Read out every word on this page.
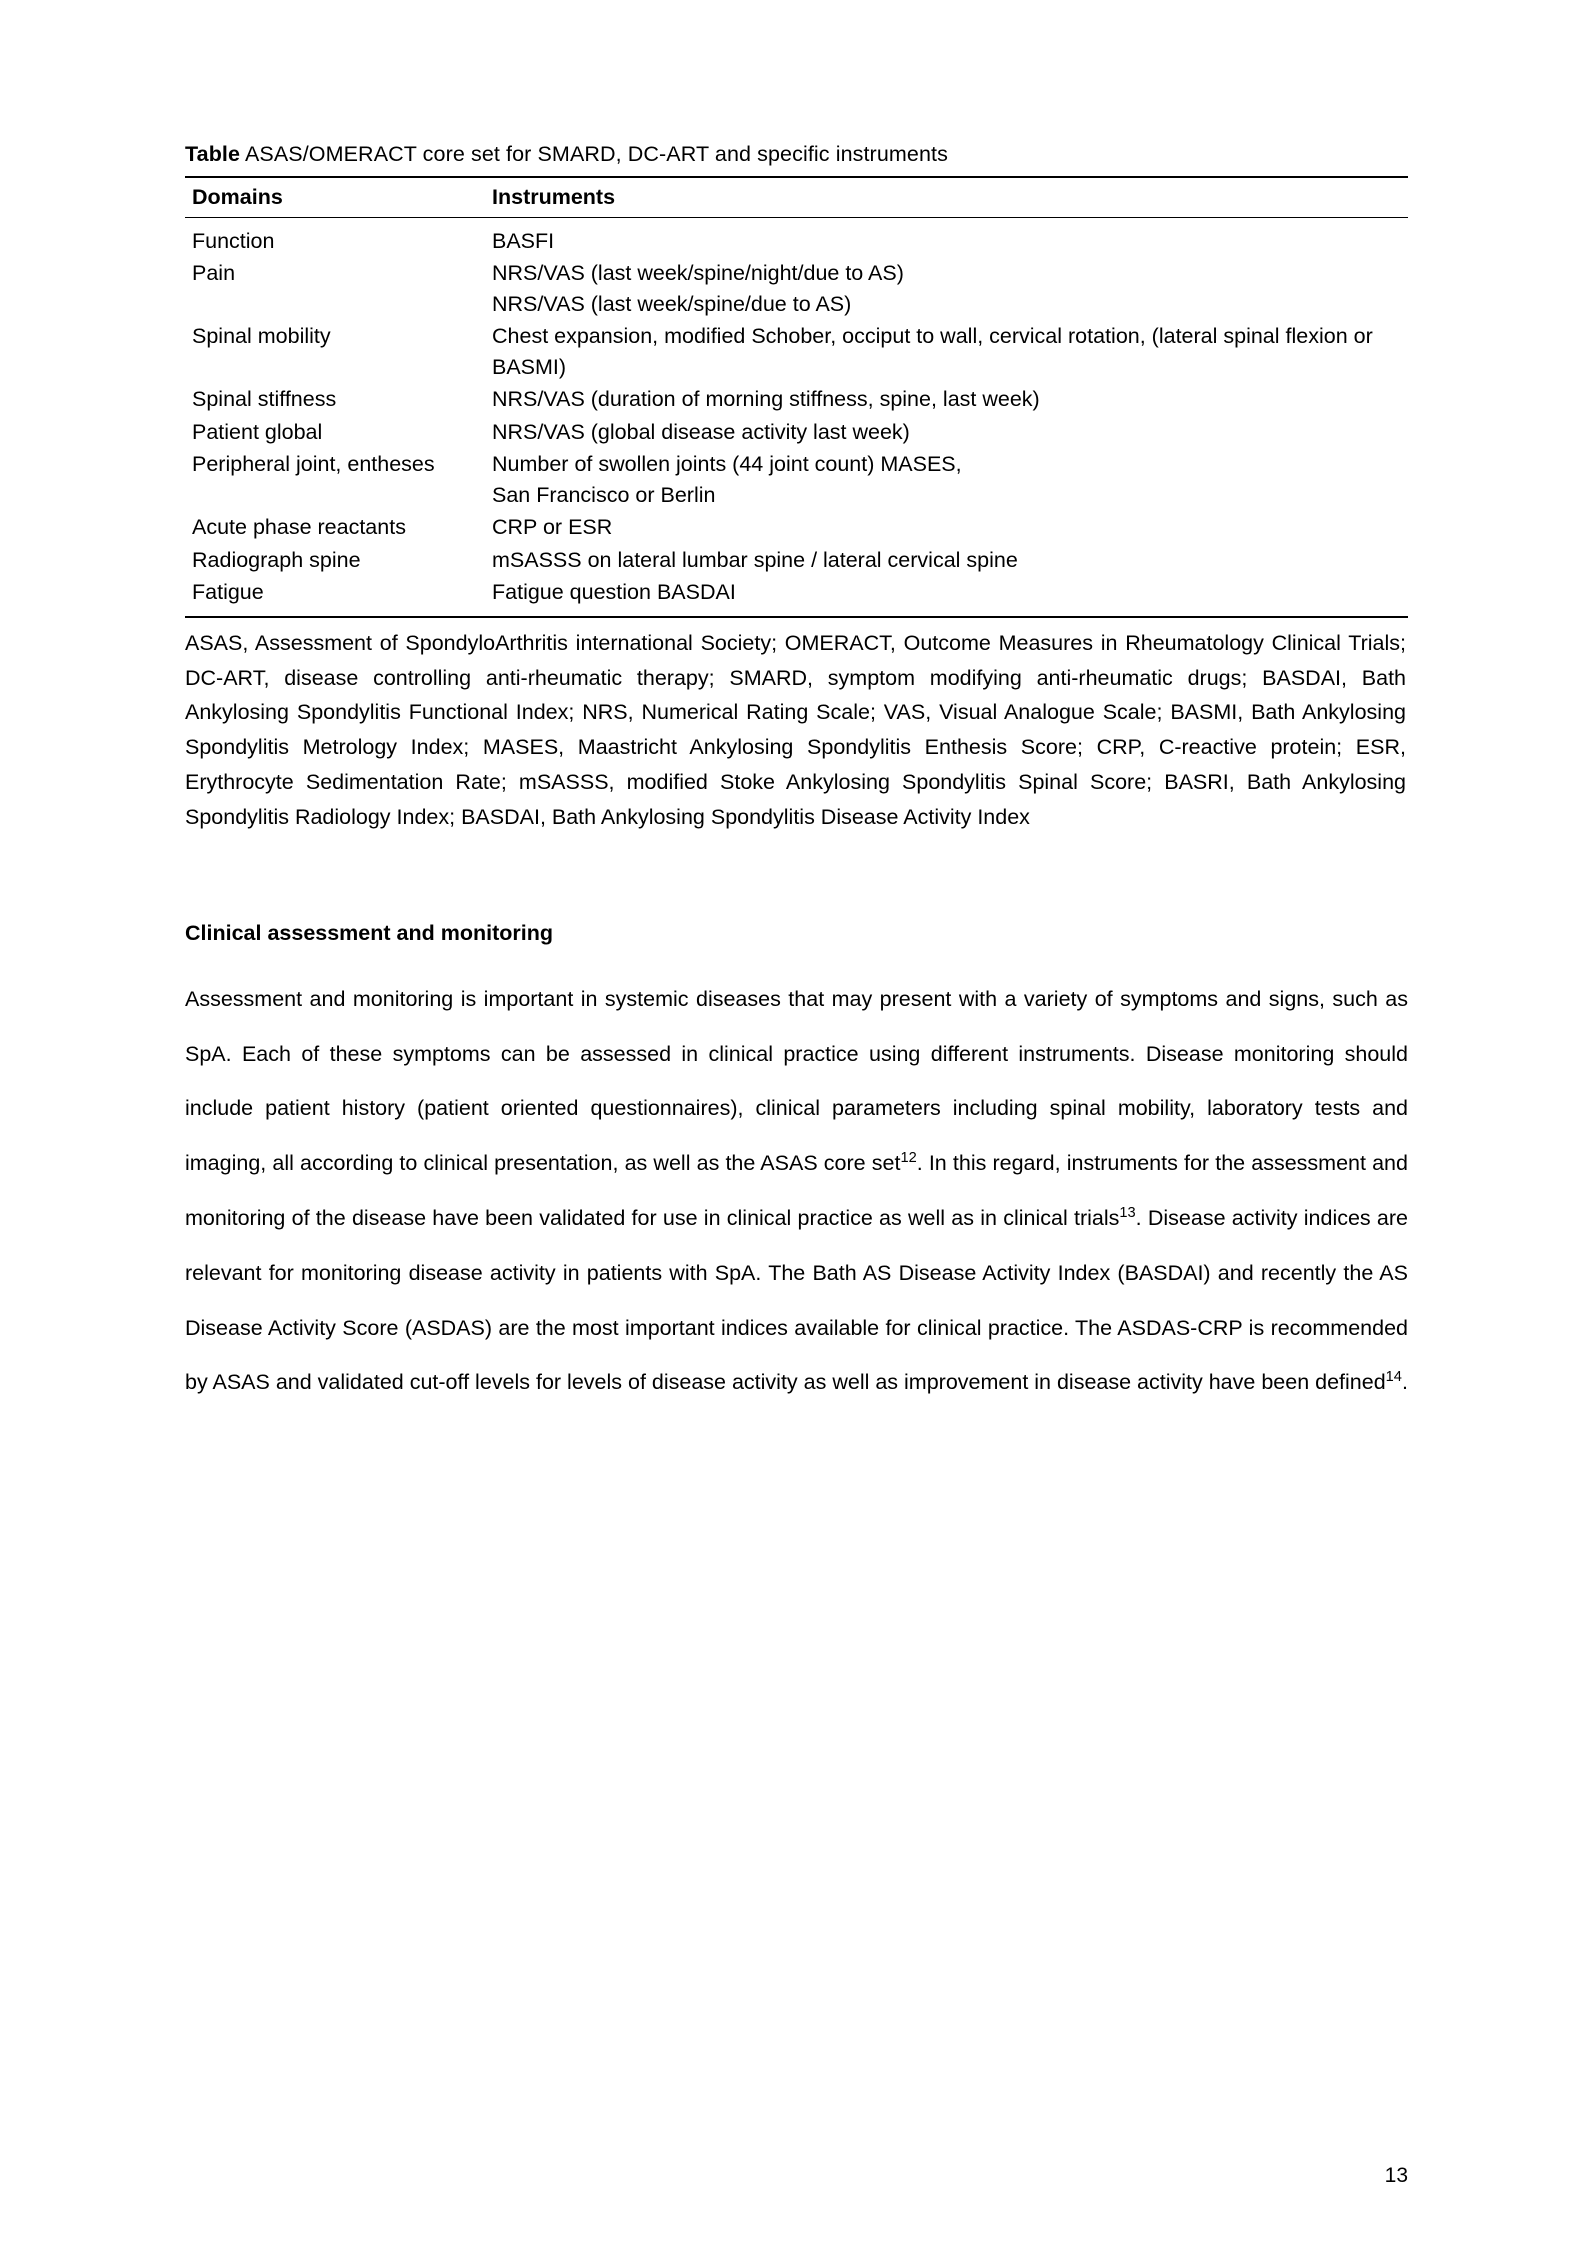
Table ASAS/OMERACT core set for SMARD, DC-ART and specific instruments
Domains	Instruments
Function	BASFI
Pain	NRS/VAS (last week/spine/night/due to AS)
NRS/VAS (last week/spine/due to AS)

Spinal mobility	Chest expansion, modified Schober, occiput to wall, cervical rotation, (lateral spinal flexion or BASMI)
Spinal stiffness	NRS/VAS (duration of morning stiffness, spine, last week)
Patient global	NRS/VAS (global disease activity last week)
Peripheral joint, entheses	Number of swollen joints (44 joint count) MASES,
San Francisco or Berlin

Acute phase reactants	CRP or ESR
Radiograph spine	mSASSS on lateral lumbar spine / lateral cervical spine
Fatigue	Fatigue question BASDAI
ASAS, Assessment of SpondyloArthritis international Society; OMERACT, Outcome Measures in Rheumatology Clinical Trials; DC-ART, disease controlling anti-rheumatic therapy; SMARD, symptom modifying anti-rheumatic drugs; BASDAI, Bath Ankylosing Spondylitis Functional Index; NRS, Numerical Rating Scale; VAS, Visual Analogue Scale; BASMI, Bath Ankylosing Spondylitis Metrology Index; MASES, Maastricht Ankylosing Spondylitis Enthesis Score; CRP, C-reactive protein; ESR, Erythrocyte Sedimentation Rate; mSASSS, modified Stoke Ankylosing Spondylitis Spinal Score; BASRI, Bath Ankylosing Spondylitis Radiology Index; BASDAI, Bath Ankylosing Spondylitis Disease Activity Index
Clinical assessment and monitoring

Assessment and monitoring is important in systemic diseases that may present with a variety of symptoms and signs, such as SpA. Each of these symptoms can be assessed in clinical practice using different instruments. Disease monitoring should include patient history (patient oriented questionnaires), clinical parameters including spinal mobility, laboratory tests and imaging, all according to clinical presentation, as well as the ASAS core set$^{12}$. In this regard, instruments for the assessment and monitoring of the disease have been validated for use in clinical practice as well as in clinical trials$^{13}$. Disease activity indices are relevant for monitoring disease activity in patients with SpA. The Bath AS Disease Activity Index (BASDAI) and recently the AS Disease Activity Score (ASDAS) are the most important indices available for clinical practice. The ASDAS-CRP is recommended by ASAS and validated cut-off levels for levels of disease activity as well as improvement in disease activity have been defined$^{14}$.

13
